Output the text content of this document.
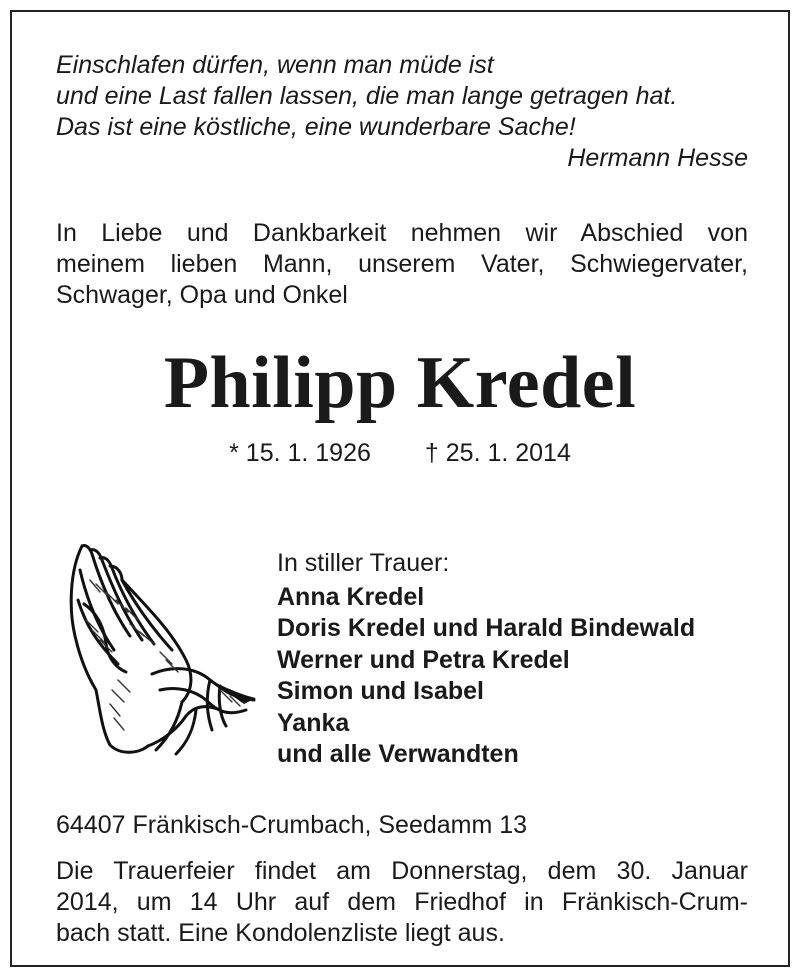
Einschlafen dürfen, wenn man müde ist
und eine Last fallen lassen, die man lange getragen hat.
Das ist eine köstliche, eine wunderbare Sache!
Hermann Hesse
In Liebe und Dankbarkeit nehmen wir Abschied von
meinem lieben Mann, unserem Vater, Schwiegervater,
Schwager, Opa und Onkel
Philipp Kredel
* 15. 1. 1926 † 25. 1. 2014
In stiller Trauer:
Anna Kredel
Doris Kredel und Harald Bindewald
Werner und Petra Kredel
Simon und Isabel
Yanka
und alle Verwandten
64407 Fränkisch-Crumbach, Seedamm 13
Die Trauerfeier findet am Donnerstag, dem 30. Januar
2014, um 14 Uhr auf dem Friedhof in Fränkisch-Crum-
bach statt. Eine Kondolenzliste liegt aus.
